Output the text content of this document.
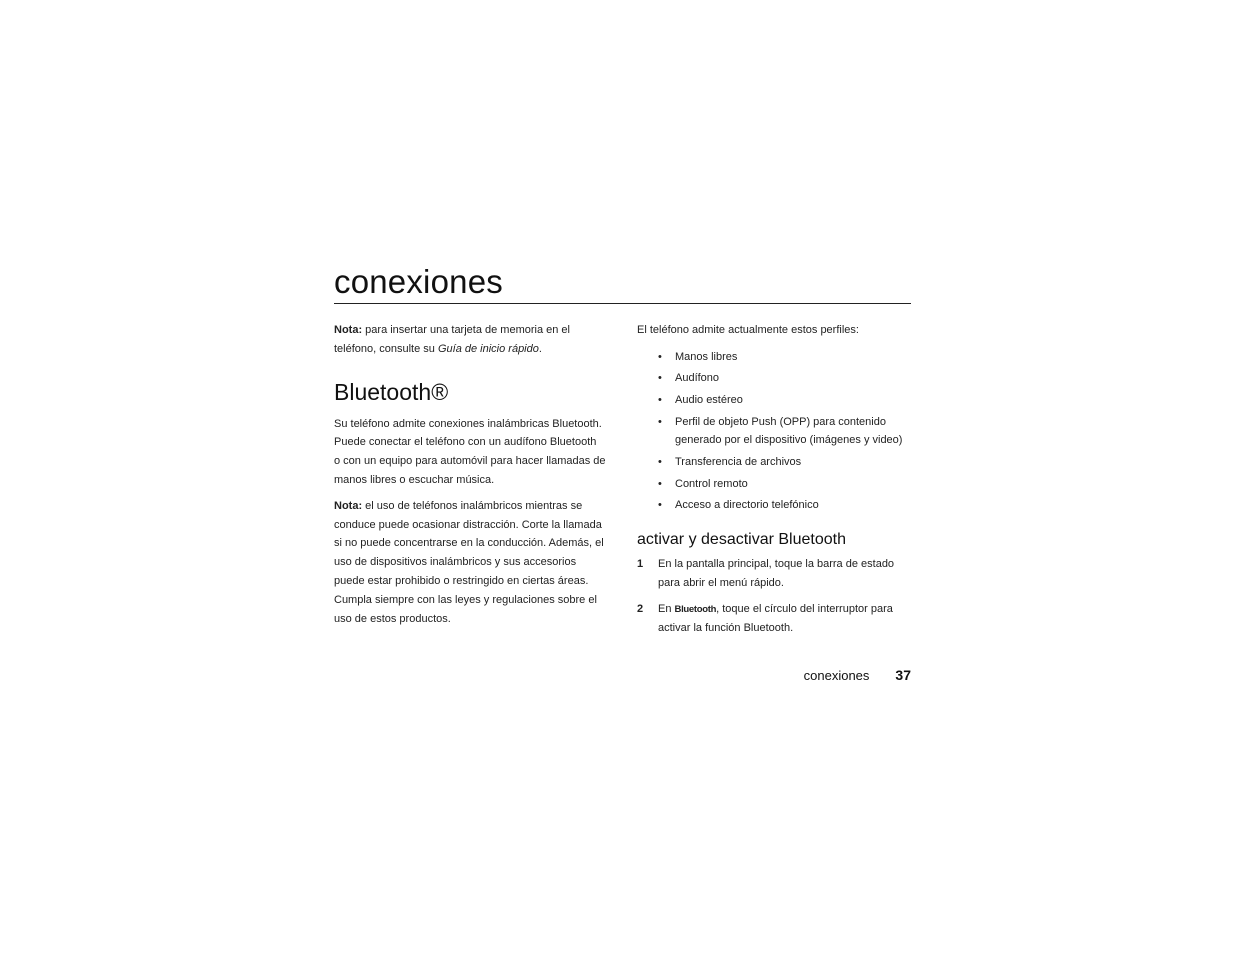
conexiones

Nota: para insertar una tarjeta de memoria en el
teléfono, consulte su Guía de inicio rápido.

Bluetooth®

Su teléfono admite conexiones inalámbricas Bluetooth.
Puede conectar el teléfono con un audífono Bluetooth
o con un equipo para automóvil para hacer llamadas de
manos libres o escuchar música.

Nota: el uso de teléfonos inalámbricos mientras se
conduce puede ocasionar distracción. Corte la llamada
si no puede concentrarse en la conducción. Además, el
uso de dispositivos inalámbricos y sus accesorios
puede estar prohibido o restringido en ciertas áreas.
Cumpla siempre con las leyes y regulaciones sobre el
uso de estos productos.

El teléfono admite actualmente estos perfiles:

• Manos libres
• Audífono
• Audio estéreo
• Perfil de objeto Push (OPP) para contenido
generado por el dispositivo (imágenes y video)
• Transferencia de archivos
• Control remoto
• Acceso a directorio telefónico
activar y desactivar Bluetooth
1 En la pantalla principal, toque la barra de estado
para abrir el menú rápido.
2 En Bluetooth, toque el círculo del interruptor para
activar la función Bluetooth.
conexiones 37
